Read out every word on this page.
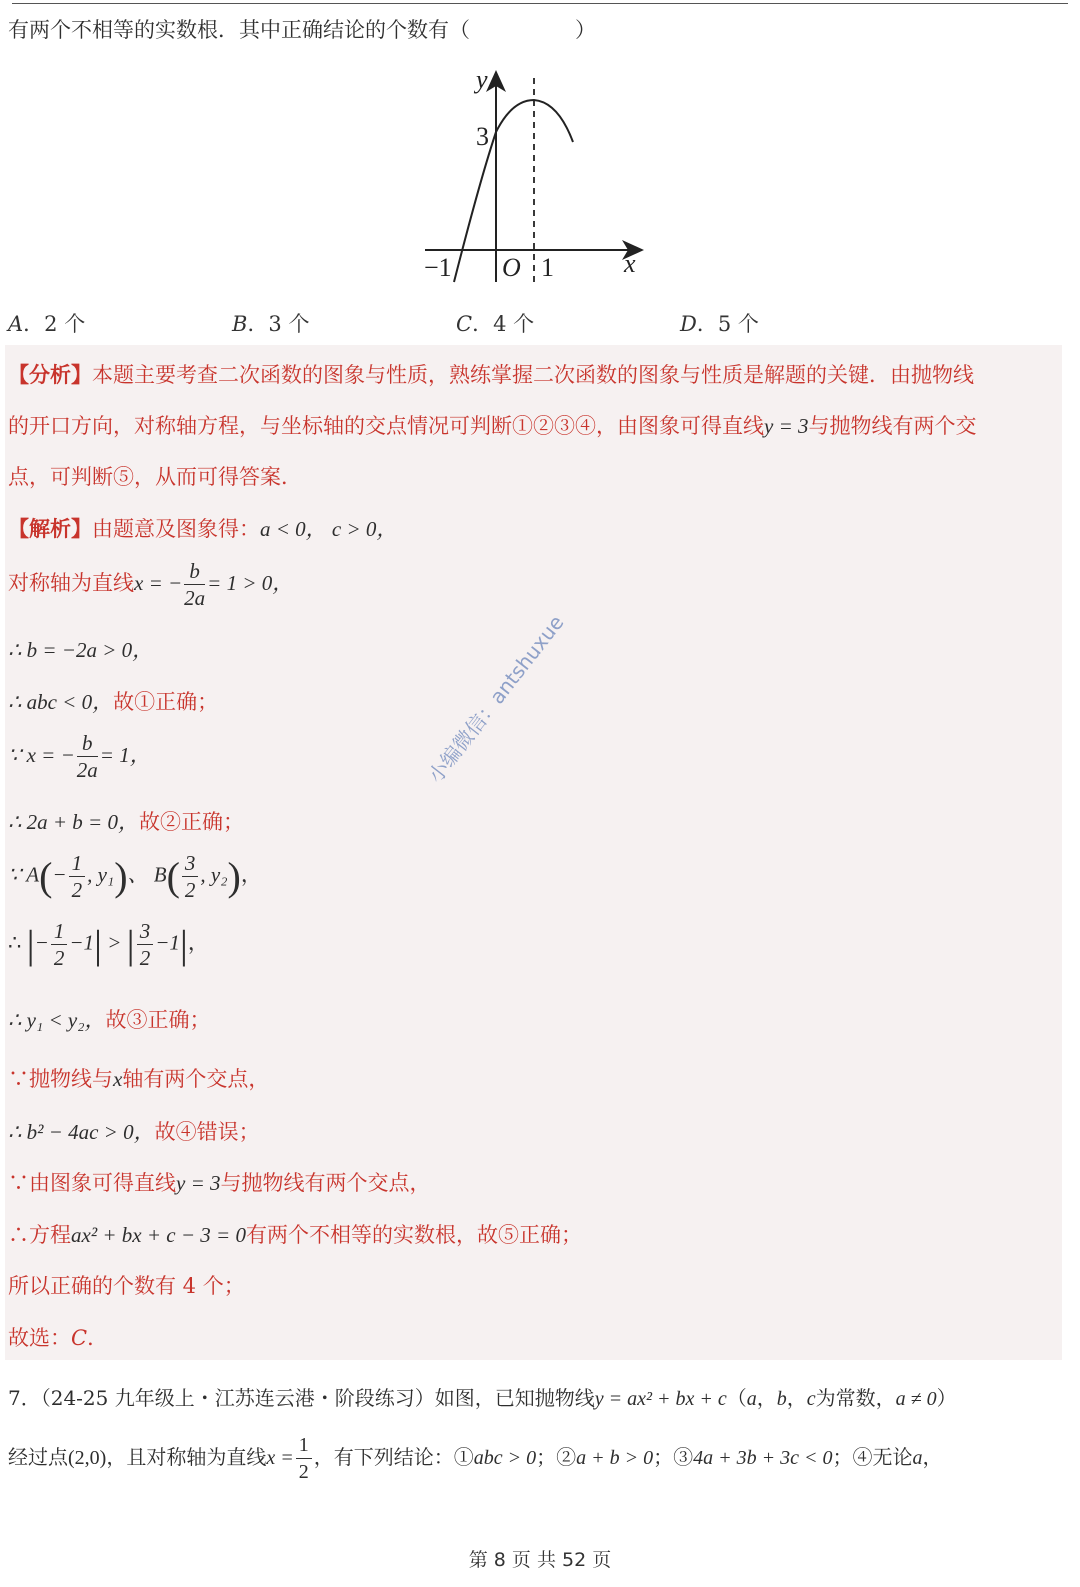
有两个不相等的实数根．其中正确结论的个数有（　　　　　）
y
3
x
O
−1	1
A．2 个	B．3 个	C．4 个	D．5 个
【分析】本题主要考查二次函数的图象与性质，熟练掌握二次函数的图象与性质是解题的关键．由抛物线
的开口方向，对称轴方程，与坐标轴的交点情况可判断①②③④，由图象可得直线y = 3与抛物线有两个交
点，可判断⑤，从而可得答案．
【解析】由题意及图象得：a < 0， c > 0，
对称轴为直线x = − $\frac{b}{2a} = 1 > 0$，
∴ b = −2a > 0，
∴ abc < 0，故①正确；
∵ x = − $\frac{b}{2a} = 1$，
∴ 2a + b = 0，故②正确；
∵ $A(- \frac{1}{2}$ , y₁)、 $B( \frac{3}{2}$ , y₂)，
∴ |− $\frac{1}{2} -1|$ > | $\frac{3}{2} -1|$，
∴ y₁ < y₂，故③正确；
∵抛物线与x轴有两个交点，
∴ b² − 4ac > 0，故④错误；
∵由图象可得直线y = 3与抛物线有两个交点，
∴方程ax² + bx + c − 3 = 0有两个不相等的实数根，故⑤正确；
所以正确的个数有 4 个；
故选：C．
小编微信：antshuxue
7．（24-25 九年级上・江苏连云港・阶段练习）如图，已知抛物线y = ax² + bx + c（a，b，c为常数，a ≠ 0）
经过点(2,0)，且对称轴为直线$x = \frac{1}{2}$ ，有下列结论：①abc > 0；②a + b > 0；③4a + 3b + 3c < 0；④无论a，
第 8 页 共 52 页
